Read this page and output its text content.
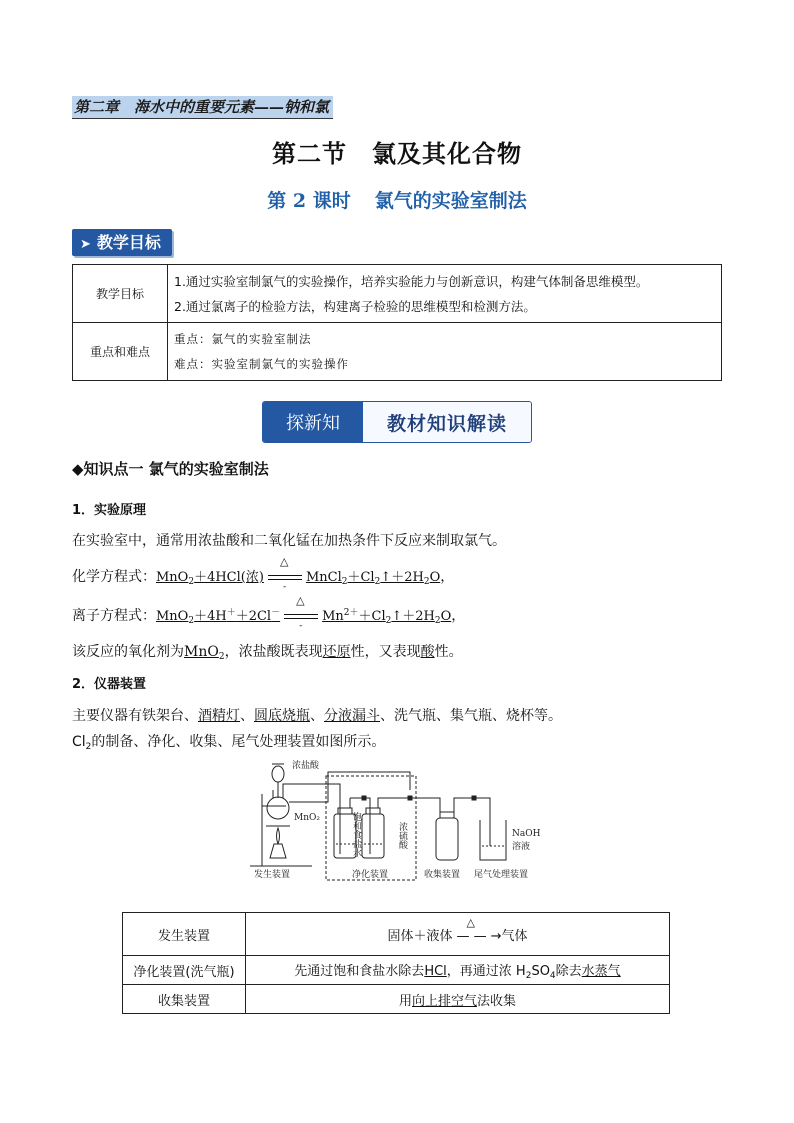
第二章　海水中的重要元素——钠和氯
第二节　氯及其化合物
第 2 课时 氯气的实验室制法
➤ 教学目标
教学目标	1.通过实验室制氯气的实验操作，培养实验能力与创新意识，构建气体制备思维模型。
2.通过氯离子的检验方法，构建离子检验的思维模型和检测方法。

重点和难点	重点：氯气的实验室制法
难点：实验室制氯气的实验操作
探新知	教材知识解读
◆知识点一 氯气的实验室制法
1．实验原理
在实验室中，通常用浓盐酸和二氧化锰在加热条件下反应来制取氯气。
化学方程式：MnO$_2$＋4HCl(浓)
△
-
$MnCl_2+Cl_2↑+2H_2O$，
离子方程式：MnO$_2$＋4H＋＋2Cl－
△
-
$Mn^{2+}+Cl_2↑+2H_2O$，
该反应的氧化剂为MnO$_2$，浓盐酸既表现还原性，又表现酸性。
2．仪器装置
主要仪器有铁架台、酒精灯、圆底烧瓶、分液漏斗、洗气瓶、集气瓶、烧杯等。
$Cl_2$的制备、净化、收集、尾气处理装置如图所示。
浓盐酸
MnO₂	饱和食盐水	浓硫酸	NaOH
溶液
发生装置	净化装置	收集装置 尾气处理装置
发生装置	固体＋液体
△
— — →气体
净化装置(洗气瓶)	先通过饱和食盐水除去HCl，再通过浓 $H_2SO_4$除去水蒸气
收集装置	用向上排空气法收集
